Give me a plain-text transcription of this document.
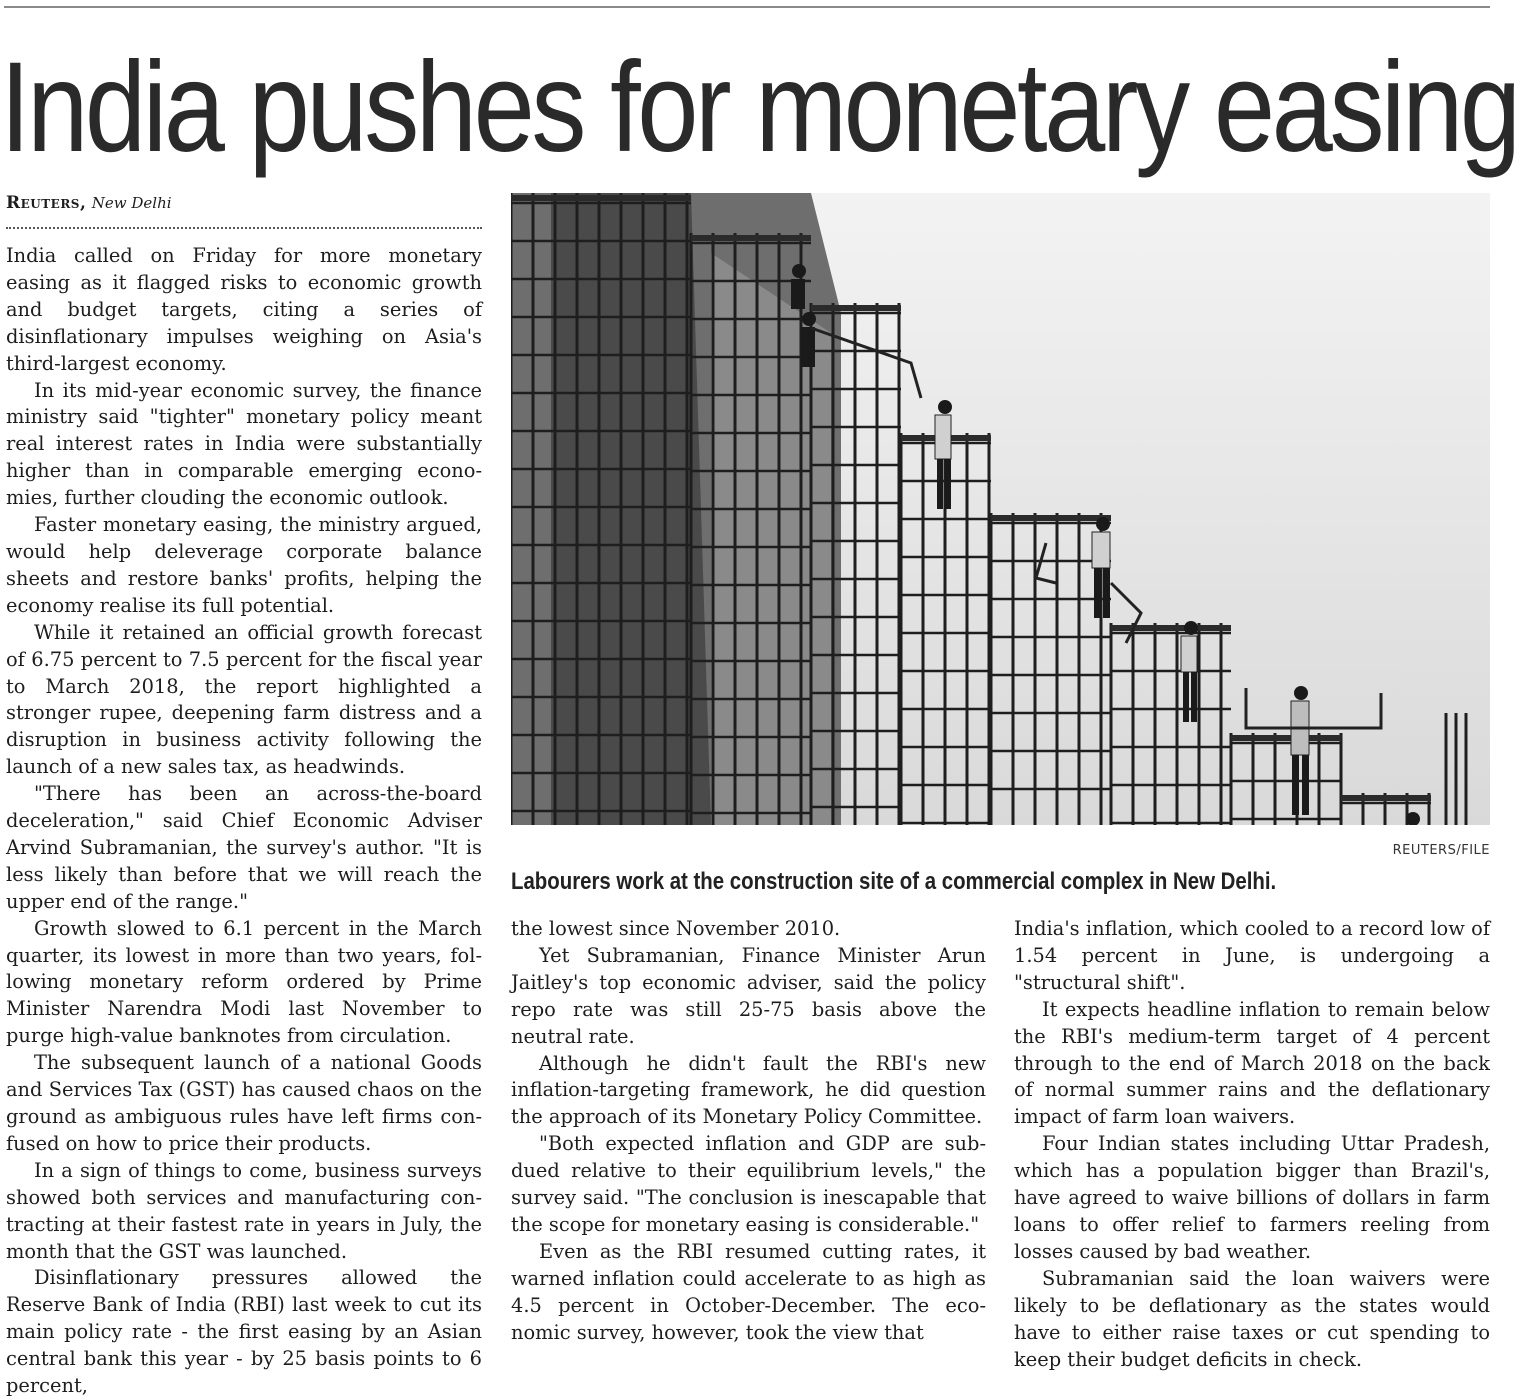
India pushes for monetary easing
Reuters, New Delhi

India called on Friday for more monetary easing as it flagged risks to economic growth and budget targets, citing a series of disinflationary impulses weighing on Asia's third-largest economy.

In its mid-year economic survey, the finance ministry said "tighter" monetary policy meant real interest rates in India were substantially higher than in comparable emerging economies, further clouding the economic outlook.

Faster monetary easing, the ministry argued, would help deleverage corporate balance sheets and restore banks' profits, helping the economy realise its full potential.

While it retained an official growth forecast of 6.75 percent to 7.5 percent for the fiscal year to March 2018, the report highlighted a stronger rupee, deepening farm distress and a disruption in business activity following the launch of a new sales tax, as headwinds.

"There has been an across-the-board deceleration," said Chief Economic Adviser Arvind Subramanian, the survey's author. "It is less likely than before that we will reach the upper end of the range."

Growth slowed to 6.1 percent in the March quarter, its lowest in more than two years, following monetary reform ordered by Prime Minister Narendra Modi last November to purge high-value banknotes from circulation.

The subsequent launch of a national Goods and Services Tax (GST) has caused chaos on the ground as ambiguous rules have left firms confused on how to price their products.

In a sign of things to come, business surveys showed both services and manufacturing contracting at their fastest rate in years in July, the month that the GST was launched.

Disinflationary pressures allowed the Reserve Bank of India (RBI) last week to cut its main policy rate - the first easing by an Asian central bank this year - by 25 basis points to 6 percent,

REUTERS/FILE
Labourers work at the construction site of a commercial complex in New Delhi.

the lowest since November 2010.

Yet Subramanian, Finance Minister Arun Jaitley's top economic adviser, said the policy repo rate was still 25-75 basis above the neutral rate.

Although he didn't fault the RBI's new inflation-targeting framework, he did question the approach of its Monetary Policy Committee.

"Both expected inflation and GDP are subdued relative to their equilibrium levels," the survey said. "The conclusion is inescapable that the scope for monetary easing is considerable."

Even as the RBI resumed cutting rates, it warned inflation could accelerate to as high as 4.5 percent in October-December. The economic survey, however, took the view that

India's inflation, which cooled to a record low of 1.54 percent in June, is undergoing a "structural shift".

It expects headline inflation to remain below the RBI's medium-term target of 4 percent through to the end of March 2018 on the back of normal summer rains and the deflationary impact of farm loan waivers.

Four Indian states including Uttar Pradesh, which has a population bigger than Brazil's, have agreed to waive billions of dollars in farm loans to offer relief to farmers reeling from losses caused by bad weather.

Subramanian said the loan waivers were likely to be deflationary as the states would have to either raise taxes or cut spending to keep their budget deficits in check.
